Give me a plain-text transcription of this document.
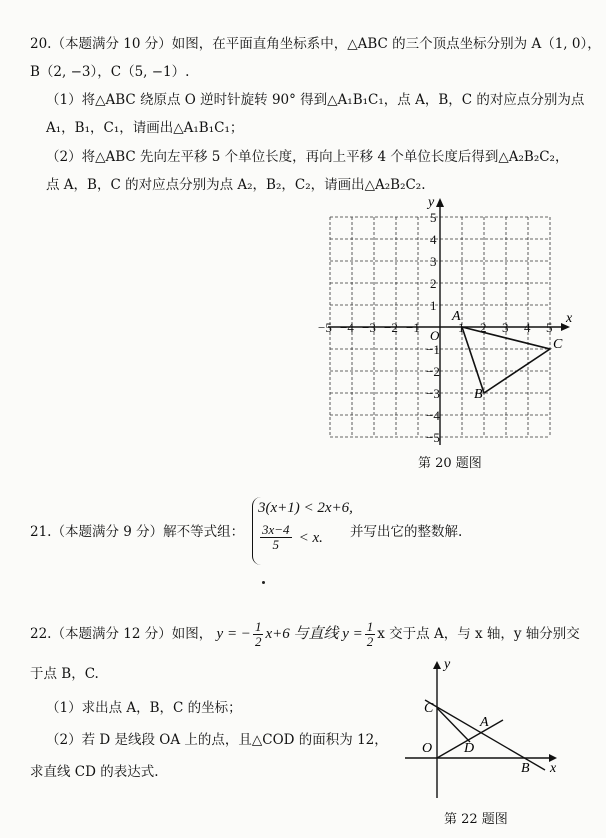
20.（本题满分 10 分）如图，在平面直角坐标系中，△ABC 的三个顶点坐标分别为 A（1, 0），
B（2, −3），C（5, −1）.
（1）将△ABC 绕原点 O 逆时针旋转 90° 得到△A₁B₁C₁，点 A，B，C 的对应点分别为点
A₁，B₁，C₁，请画出△A₁B₁C₁；
（2）将△ABC 先向左平移 5 个单位长度，再向上平移 4 个单位长度后得到△A₂B₂C₂，
点 A，B，C 的对应点分别为点 A₂，B₂，C₂，请画出△A₂B₂C₂.
−5 −4 −3 −2 −1	1 2 3 4 5
5
4
3
2
1
−1
−2
−3
−4
−5
x
y
O
A
B
C
第 20 题图
21.（本题满分 9 分）解不等式组：
3(x+1) < 2x+6,
$\frac{3x-4}{5} < x$. 并写出它的整数解.
22.（本题满分 12 分）如图， y = − $\frac{1}{2} x+6$ 与直线 $y = \frac{1}{2}$ x 交于点 A，与 x 轴，y 轴分别交
于点 B，C.
（1）求出点 A，B，C 的坐标；
（2）若 D 是线段 OA 上的点，且△COD 的面积为 12，
求直线 CD 的表达式.	x
y
O
C
A
D
B
第 22 题图
